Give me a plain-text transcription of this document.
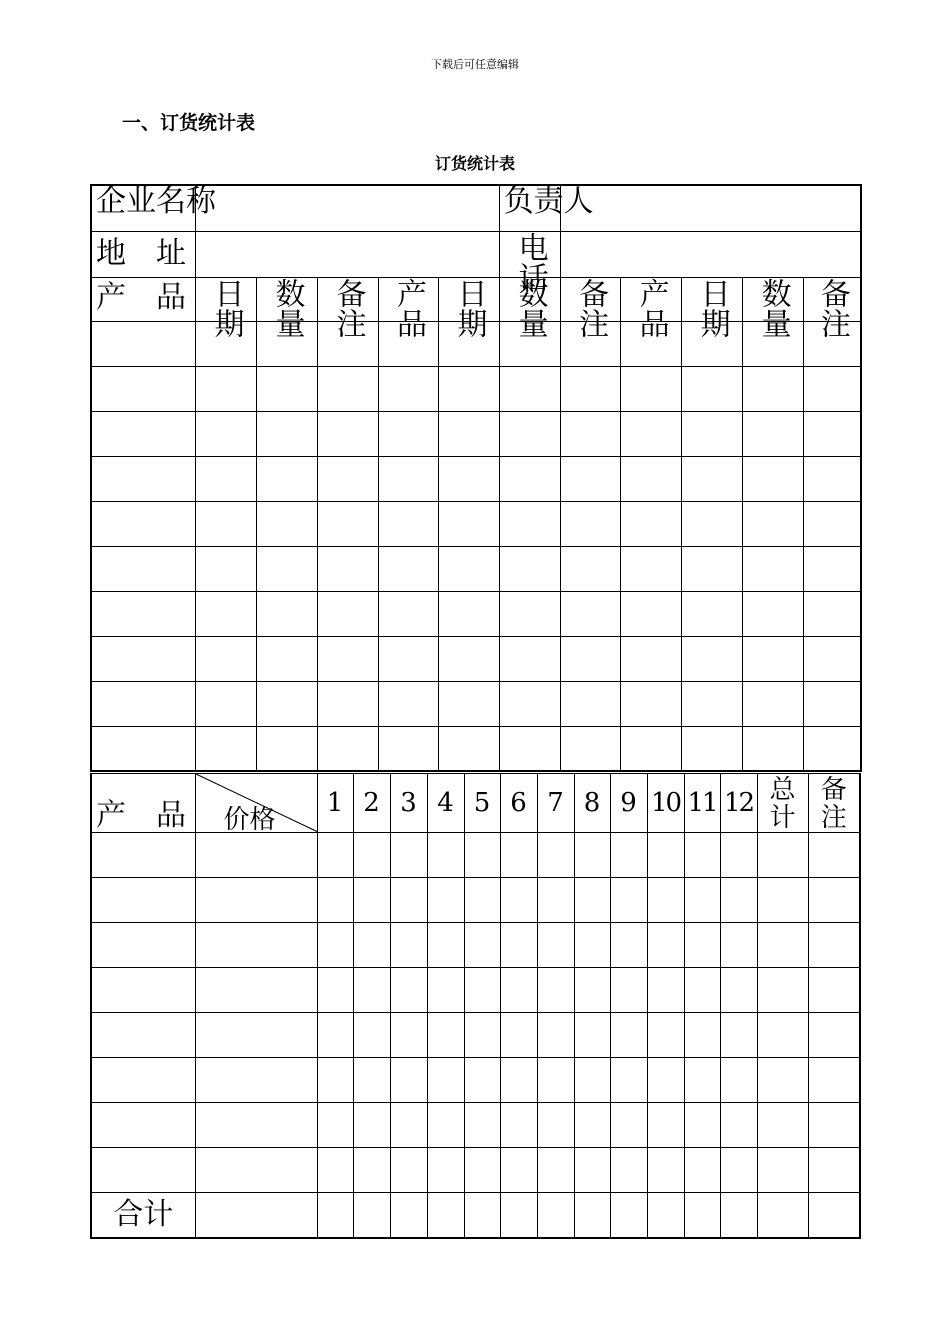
下载后可任意编辑
一、订货统计表
订货统计表
企业名称						负责人					

地　址						电话					

产　品	日期	数量	备注	产品	日期	数量	备注	产品	日期	数量	备注

产　品	价格	1	2	3	4	5	6	7	8	9	10	11	12	总计	备注

合计															
